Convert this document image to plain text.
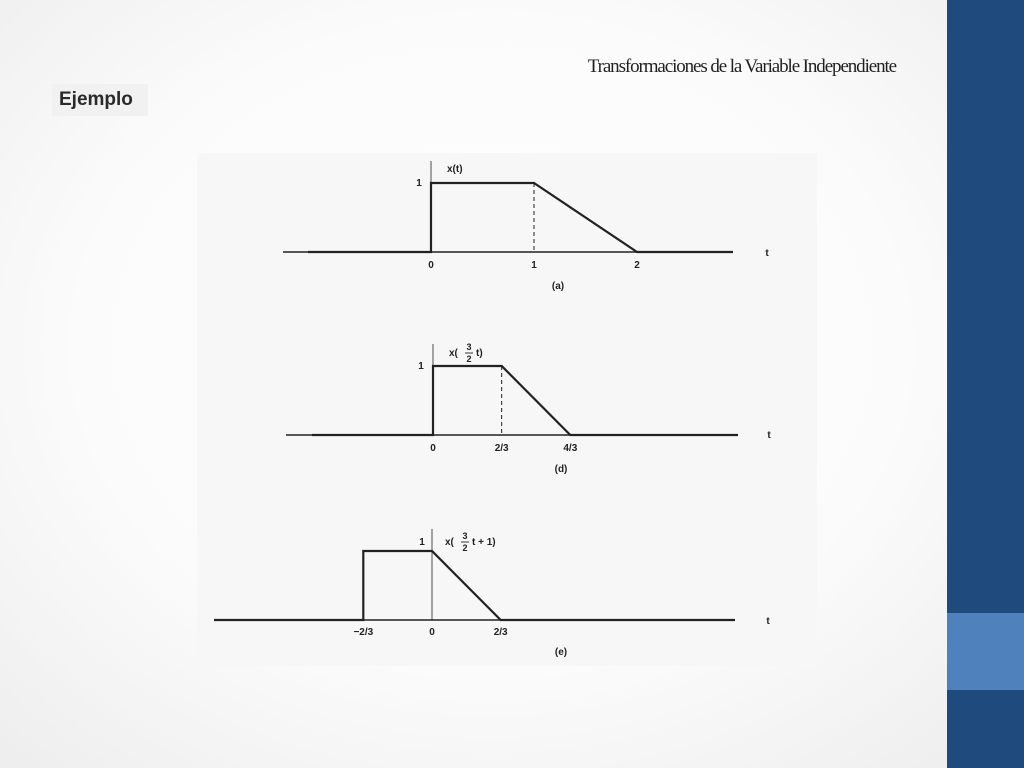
Transformaciones de la Variable Independiente
Ejemplo
0	1	2
t
1
(a)
x(t)
0	2/3	4/3
t
1
(d)
x(
3
2 t)
−2/3	0	2/3
t
1
(e)
x(
3
2 t + 1)
